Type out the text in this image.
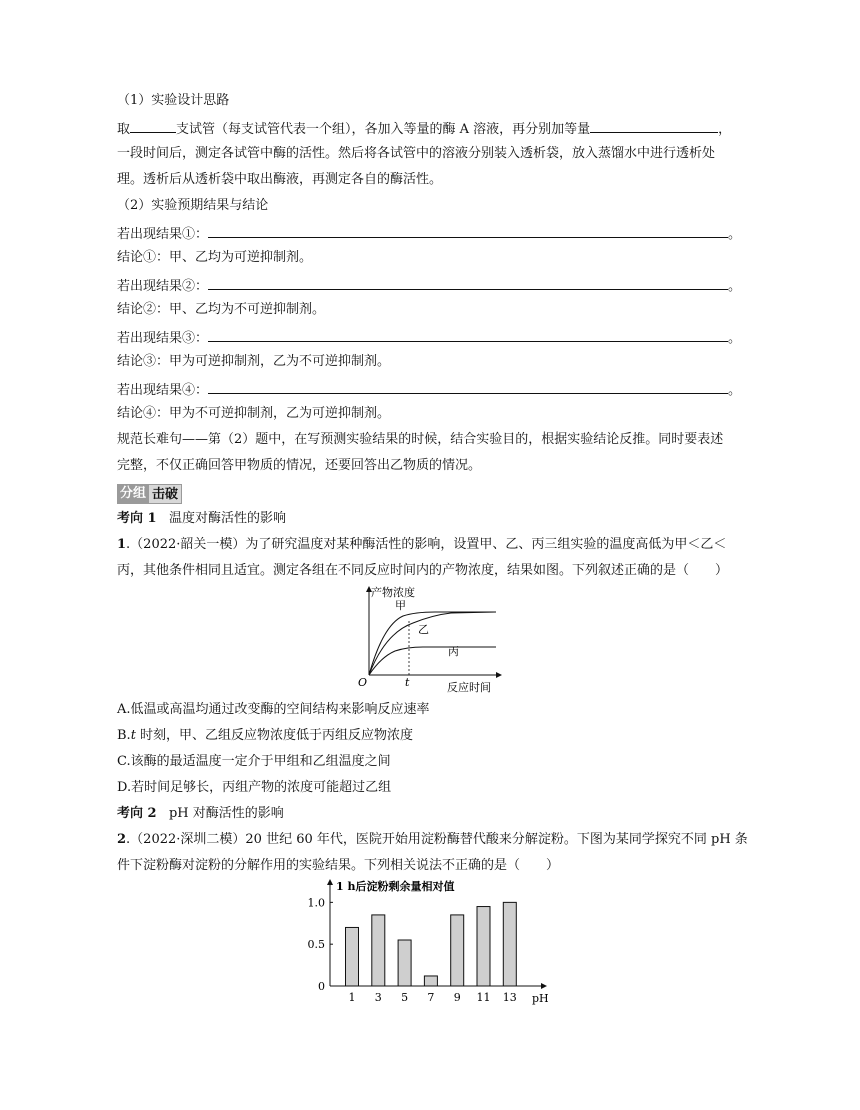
（1）实验设计思路
取	支试管（每支试管代表一个组），各加入等量的酶 A 溶液，再分别加等量	，
一段时间后，测定各试管中酶的活性。然后将各试管中的溶液分别装入透析袋，放入蒸馏水中进行透析处
理。透析后从透析袋中取出酶液，再测定各自的酶活性。
（2）实验预期结果与结论
若出现结果①：	。
结论①：甲、乙均为可逆抑制剂。
若出现结果②：	。
结论②：甲、乙均为不可逆抑制剂。
若出现结果③：	。
结论③：甲为可逆抑制剂，乙为不可逆抑制剂。
若出现结果④：	。
结论④：甲为不可逆抑制剂，乙为可逆抑制剂。
规范长难句——第（2）题中，在写预测实验结果的时候，结合实验目的，根据实验结论反推。同时要表述
完整，不仅正确回答甲物质的情况，还要回答出乙物质的情况。
分组 击破
考向 1 温度对酶活性的影响
1.（2022·韶关一模）为了研究温度对某种酶活性的影响，设置甲、乙、丙三组实验的温度高低为甲＜乙＜
丙，其他条件相同且适宜。测定各组在不同反应时间内的产物浓度，结果如图。下列叙述正确的是（　　）
产物浓度
反应时间
O	t
甲
乙
丙
A.低温或高温均通过改变酶的空间结构来影响反应速率
B.t 时刻，甲、乙组反应物浓度低于丙组反应物浓度
C.该酶的最适温度一定介于甲组和乙组温度之间
D.若时间足够长，丙组产物的浓度可能超过乙组
考向 2 pH 对酶活性的影响
2.（2022·深圳二模）20 世纪 60 年代，医院开始用淀粉酶替代酸来分解淀粉。下图为某同学探究不同 pH 条
件下淀粉酶对淀粉的分解作用的实验结果。下列相关说法不正确的是（　　）
1 h后淀粉剩余量相对值
pH
0
0.5
1.0
1 3 5 7 9 11 13
